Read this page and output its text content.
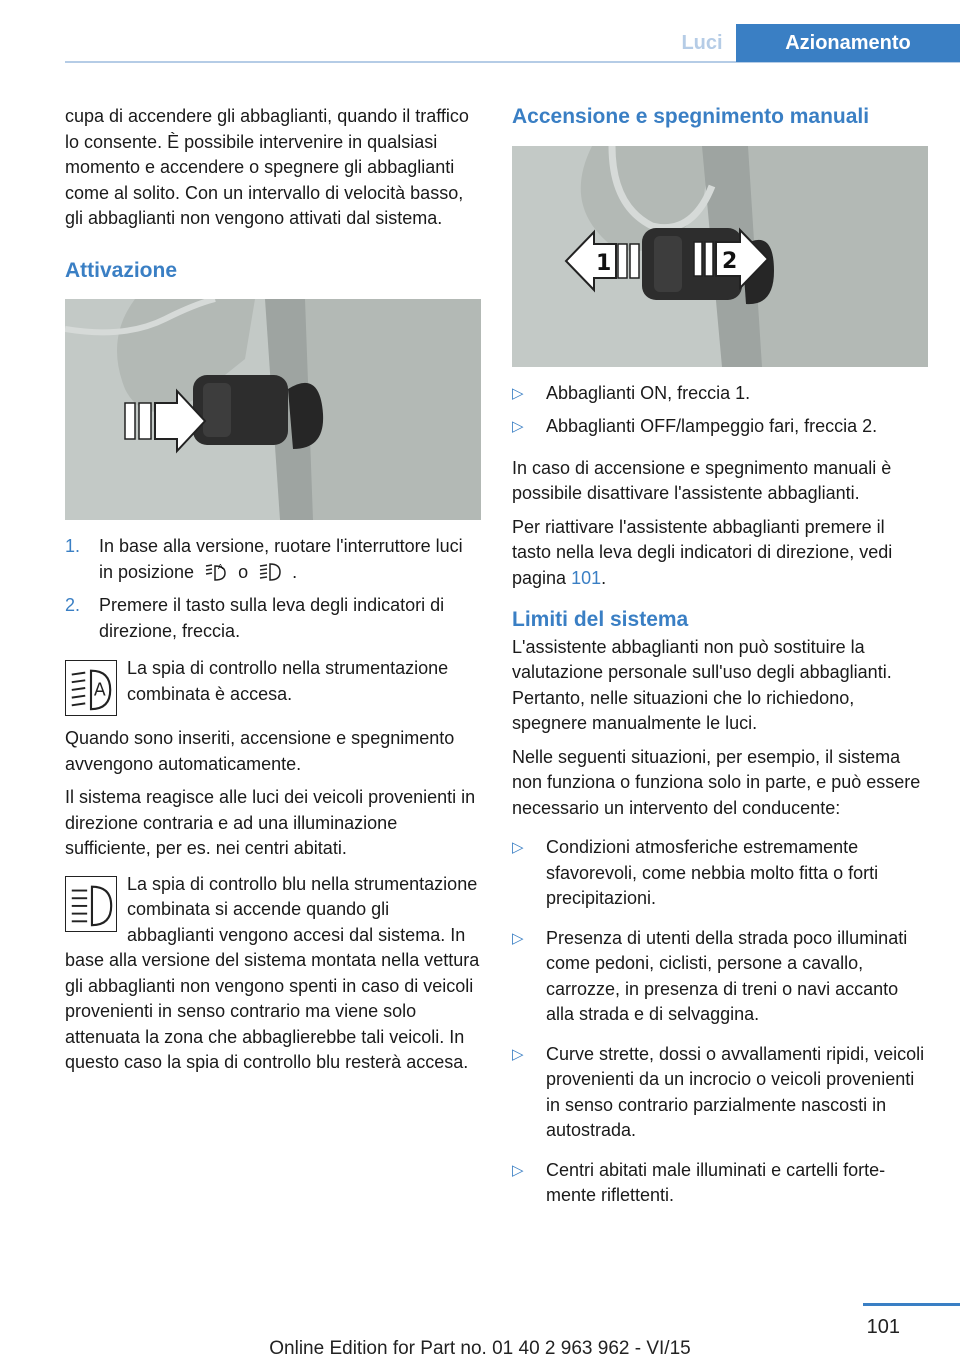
Luci	Azionamento

cupa di accendere gli abbaglianti, quando il traffico lo consente. È possibile intervenire in qualsiasi momento e accendere o spegnere gli abbaglianti come al solito. Con un intervallo di velocità basso, gli abbaglianti non vengono attivati dal sistema.

Attivazione
1. In base alla versione, ruotare l'interruttore luci in posizione	A o .
2. Premere il tasto sulla leva degli indicatori di direzione, freccia.
A
La spia di controllo nella strumentazione combinata è accesa.

Quando sono inseriti, accensione e spegnimento avvengono automaticamente.

Il sistema reagisce alle luci dei veicoli provenienti in direzione contraria e ad una illuminazione sufficiente, per es. nei centri abitati.

La spia di controllo blu nella strumentazione combinata si accende quando gli abbaglianti vengono accesi dal sistema. In base alla versione del sistema montata nella vettura gli abbaglianti non vengono spenti in caso di veicoli provenienti in senso contrario ma viene solo attenuata la zona che abbaglierebbe tali veicoli. In questo caso la spia di controllo blu resterà accesa.
Accensione e spegnimento manuali
1	2
▷ Abbaglianti ON, freccia 1.
▷ Abbaglianti OFF/lampeggio fari, freccia 2.

In caso di accensione e spegnimento manuali è possibile disattivare l'assistente abbaglianti.

Per riattivare l'assistente abbaglianti premere il tasto nella leva degli indicatori di direzione, vedi pagina 101.

Limiti del sistema

L'assistente abbaglianti non può sostituire la valutazione personale sull'uso degli abbaglianti. Pertanto, nelle situazioni che lo richiedono, spegnere manualmente le luci.

Nelle seguenti situazioni, per esempio, il sistema non funziona o funziona solo in parte, e può essere necessario un intervento del conducente:

▷ Condizioni atmosferiche estremamente sfavorevoli, come nebbia molto fitta o forti precipitazioni.
▷ Presenza di utenti della strada poco illuminati come pedoni, ciclisti, persone a cavallo, carrozze, in presenza di treni o navi accanto alla strada e di selvaggina.
▷ Curve strette, dossi o avvallamenti ripidi, veicoli provenienti da un incrocio o veicoli provenienti in senso contrario parzialmente nascosti in autostrada.
▷ Centri abitati male illuminati e cartelli fortemente riflettenti.
101
Online Edition for Part no. 01 40 2 963 962 - VI/15
